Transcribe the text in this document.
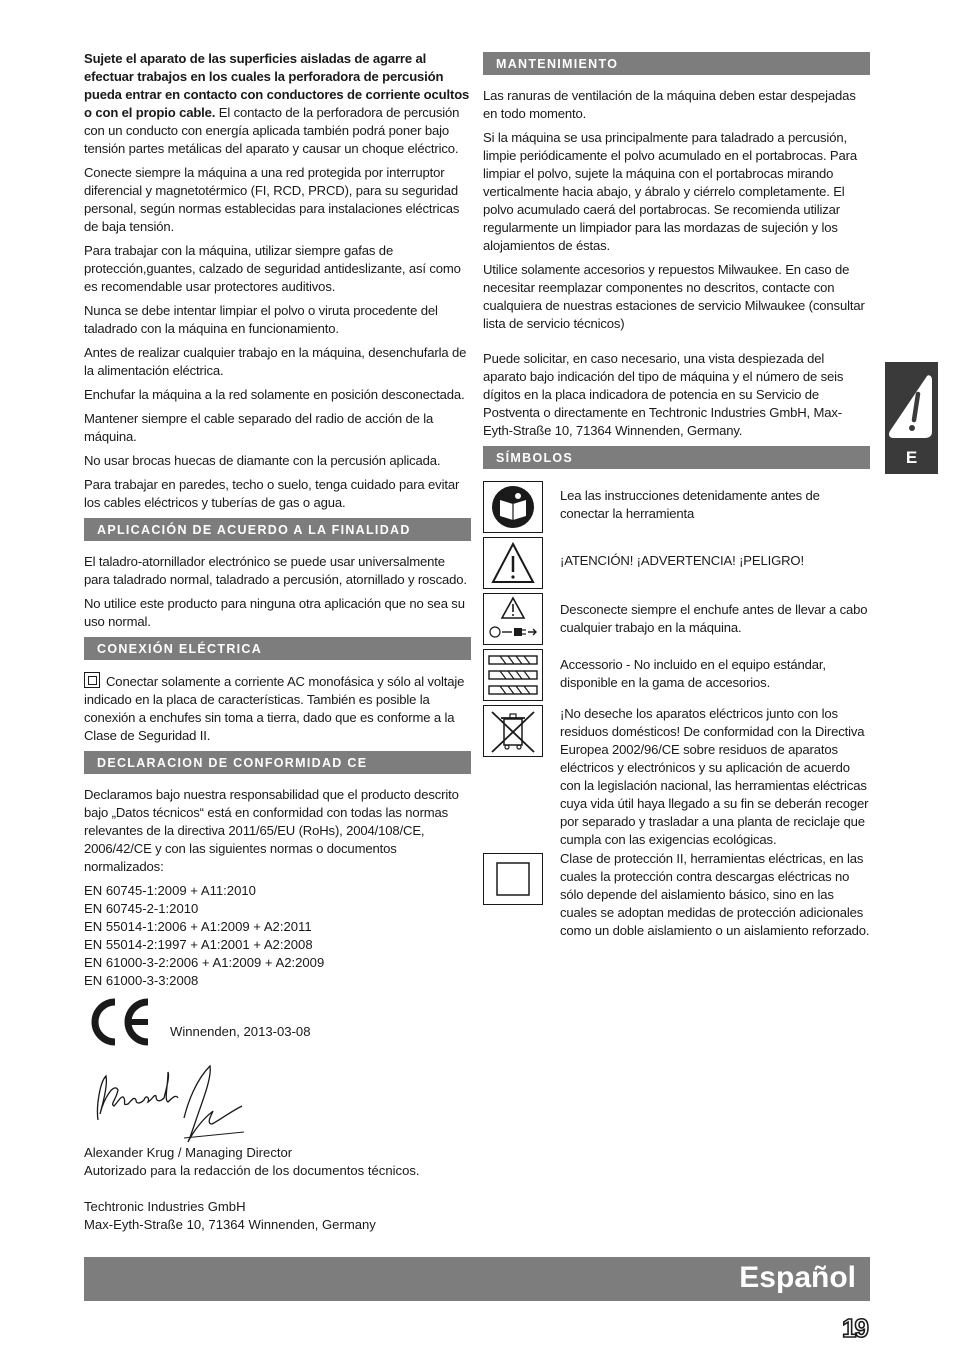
Sujete el aparato de las superficies aisladas de agarre al efectuar trabajos en los cuales la perforadora de percusión pueda entrar en contacto con conductores de corriente ocultos o con el propio cable. El contacto de la perforadora de percusión con un conducto con energía aplicada también podrá poner bajo tensión partes metálicas del aparato y causar un choque eléctrico.

Conecte siempre la máquina a una red protegida por interruptor diferencial y magnetotérmico (FI, RCD, PRCD), para su seguridad personal, según normas establecidas para instalaciones eléctricas de baja tensión.

Para trabajar con la máquina, utilizar siempre gafas de protección,guantes, calzado de seguridad antideslizante, así como es recomendable usar protectores auditivos.

Nunca se debe intentar limpiar el polvo o viruta procedente del taladrado con la máquina en funcionamiento.

Antes de realizar cualquier trabajo en la máquina, desenchufarla de la alimentación eléctrica.

Enchufar la máquina a la red solamente en posición desconectada.

Mantener siempre el cable separado del radio de acción de la máquina.

No usar brocas huecas de diamante con la percusión aplicada.

Para trabajar en paredes, techo o suelo, tenga cuidado para evitar los cables eléctricos y tuberías de gas o agua.

APLICACIÓN DE ACUERDO A LA FINALIDAD

El taladro-atornillador electrónico se puede usar universalmente para taladrado normal, taladrado a percusión, atornillado y roscado.

No utilice este producto para ninguna otra aplicación que no sea su uso normal.

CONEXIÓN ELÉCTRICA

Conectar solamente a corriente AC monofásica y sólo al voltaje indicado en la placa de características. También es posible la conexión a enchufes sin toma a tierra, dado que es conforme a la Clase de Seguridad II.

DECLARACION DE CONFORMIDAD CE

Declaramos bajo nuestra responsabilidad que el producto descrito bajo „Datos técnicos“ está en conformidad con todas las normas relevantes de la directiva 2011/65/EU (RoHs), 2004/108/CE, 2006/42/CE y con las siguientes normas o documentos normalizados:

EN 60745-1:2009 + A11:2010
EN 60745-2-1:2010
EN 55014-1:2006 + A1:2009 + A2:2011
EN 55014-2:1997 + A1:2001 + A2:2008
EN 61000-3-2:2006 + A1:2009 + A2:2009
EN 61000-3-3:2008
Winnenden, 2013-03-08
Alexander Krug / Managing Director
Autorizado para la redacción de los documentos técnicos.
Techtronic Industries GmbH
Max-Eyth-Straße 10, 71364 Winnenden, Germany
MANTENIMIENTO

Las ranuras de ventilación de la máquina deben estar despejadas en todo momento.

Si la máquina se usa principalmente para taladrado a percusión, limpie periódicamente el polvo acumulado en el portabrocas. Para limpiar el polvo, sujete la máquina con el portabrocas mirando verticalmente hacia abajo, y ábralo y ciérrelo completamente. El polvo acumulado caerá del portabrocas. Se recomienda utilizar regularmente un limpiador para las mordazas de sujeción y los alojamientos de éstas.

Utilice solamente accesorios y repuestos Milwaukee. En caso de necesitar reemplazar componentes no descritos, contacte con cualquiera de nuestras estaciones de servicio Milwaukee (consultar lista de servicio técnicos)

Puede solicitar, en caso necesario, una vista despiezada del aparato bajo indicación del tipo de máquina y el número de seis dígitos en la placa indicadora de potencia en su Servicio de Postventa o directamente en Techtronic Industries GmbH, Max-Eyth-Straße 10, 71364 Winnenden, Germany.

SÍMBOLOS
Lea las instrucciones detenidamente antes de conectar la herramienta
¡ATENCIÓN! ¡ADVERTENCIA! ¡PELIGRO!
Desconecte siempre el enchufe antes de llevar a cabo cualquier trabajo en la máquina.
Accessorio - No incluido en el equipo estándar, disponible en la gama de accesorios.
¡No deseche los aparatos eléctricos junto con los residuos domésticos! De conformidad con la Directiva Europea 2002/96/CE sobre residuos de aparatos eléctricos y electrónicos y su aplicación de acuerdo con la legislación nacional, las herramientas eléctricas cuya vida útil haya llegado a su fin se deberán recoger por separado y trasladar a una planta de reciclaje que cumpla con las exigencias ecológicas.
Clase de protección II, herramientas eléctricas, en las cuales la protección contra descargas eléctricas no sólo depende del aislamiento básico, sino en las cuales se adoptan medidas de protección adicionales como un doble aislamiento o un aislamiento reforzado.
E
Español
19
